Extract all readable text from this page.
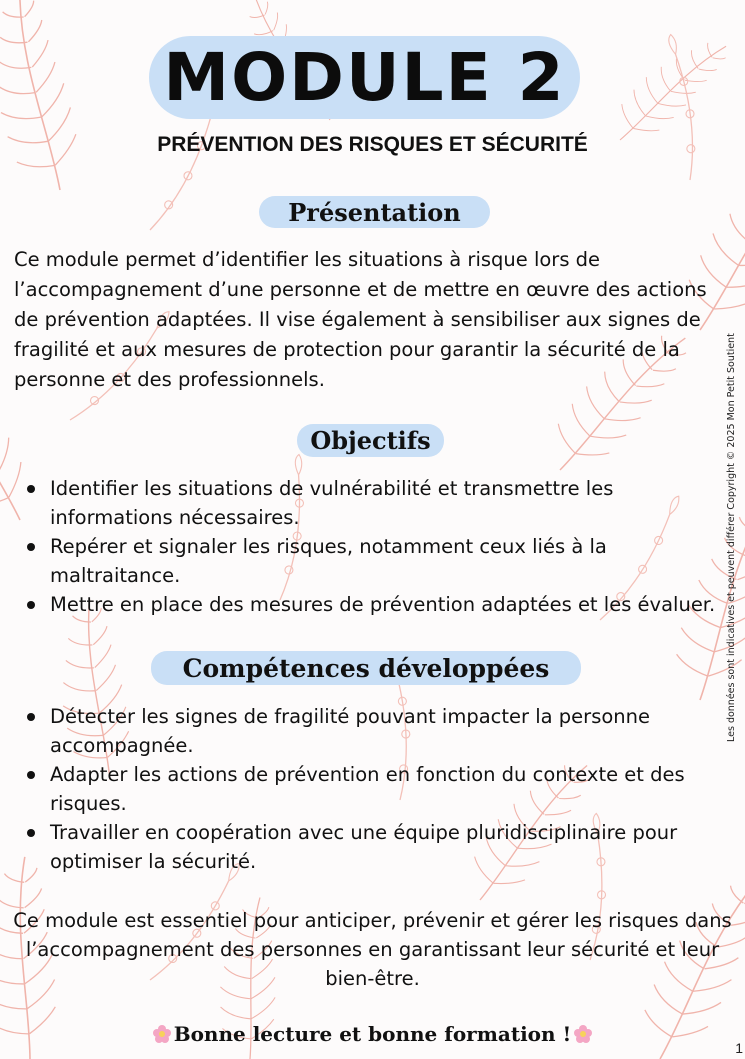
MODULE 2
PRÉVENTION DES RISQUES ET SÉCURITÉ
Présentation
Ce module permet d’identifier les situations à risque lors de l’accompagnement d’une personne et de mettre en œuvre des actions de prévention adaptées. Il vise également à sensibiliser aux signes de fragilité et aux mesures de protection pour garantir la sécurité de la personne et des professionnels.
Objectifs
Identifier les situations de vulnérabilité et transmettre les informations nécessaires.
Repérer et signaler les risques, notamment ceux liés à la maltraitance.
Mettre en place des mesures de prévention adaptées et les évaluer.
Compétences développées
Détecter les signes de fragilité pouvant impacter la personne accompagnée.
Adapter les actions de prévention en fonction du contexte et des risques.
Travailler en coopération avec une équipe pluridisciplinaire pour optimiser la sécurité.
Ce module est essentiel pour anticiper, prévenir et gérer les risques dans l’accompagnement des personnes en garantissant leur sécurité et leur bien-être.
Bonne lecture et bonne formation !
Les données sont indicatives et peuvent différer Copyright © 2025 Mon Petit Soutient
1
